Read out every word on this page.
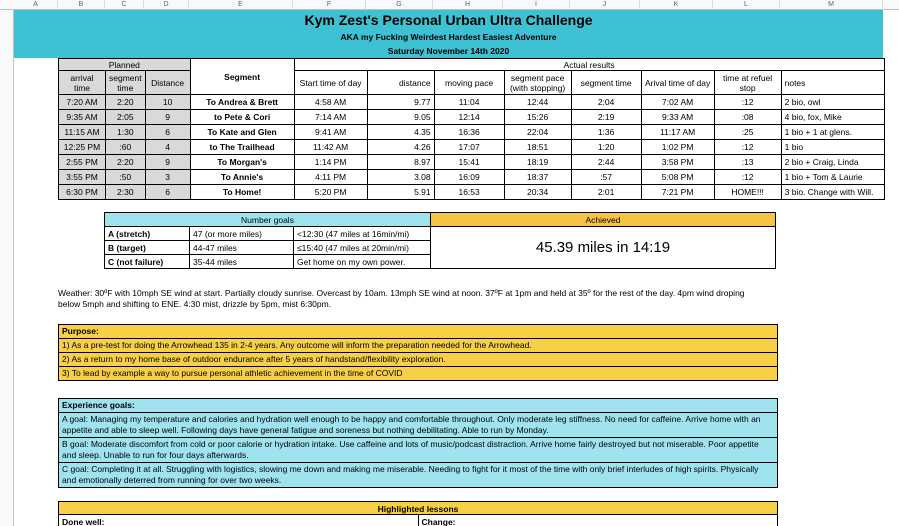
A	B	C	D	E	F	G	H	I	J	K	L	M
Kym Zest's Personal Urban Ultra Challenge
AKA my Fucking Weirdest Hardest Easiest Adventure
Saturday November 14th 2020
Planned			Segment	Actual results							
arrival time	segment time	Distance		Start time of day	distance	moving pace	segment pace (with stopping)	segment time	Arival time of day	time at refuel stop	notes
7:20 AM	2:20	10	To Andrea & Brett	4:58 AM	9.77	11:04	12:44	2:04	7:02 AM	:12	2 bio, owl
9:35 AM	2:05	9	to Pete & Cori	7:14 AM	9.05	12:14	15:26	2:19	9:33 AM	:08	4 bio, fox, Mike
11:15 AM	1:30	6	To Kate and Glen	9:41 AM	4.35	16:36	22:04	1:36	11:17 AM	:25	1 bio + 1 at glens.
12:25 PM	:60	4	to The Trailhead	11:42 AM	4.26	17:07	18:51	1:20	1:02 PM	:12	1 bio
2:55 PM	2:20	9	To Morgan's	1:14 PM	8.97	15:41	18:19	2:44	3:58 PM	:13	2 bio + Craig, Linda
3:55 PM	:50	3	To Annie's	4:11 PM	3.08	16:09	18:37	:57	5:08 PM	:12	1 bio + Tom & Laurie
6:30 PM	2:30	6	To Home!	5:20 PM	5.91	16:53	20:34	2:01	7:21 PM	HOME!!!	3 bio. Change with Will.
Number goals			Achieved
A (stretch)	47 (or more miles)	<12:30 (47 miles at 16min/mi)	45.39 miles in 14:19
B (target)	44-47 miles	≤15:40 (47 miles at 20min/mi)	
C (not failure)	35-44 miles	Get home on my own power.	
Weather: 30ºF with 10mph SE wind at start. Partially cloudy sunrise. Overcast by 10am. 13mph SE wind at noon. 37ºF at 1pm and held at 35º for the rest of the day. 4pm wind droping below 5mph and shifting to ENE. 4:30 mist, drizzle by 5pm, mist 6:30pm.
Purpose:
1) As a pre-test for doing the Arrowhead 135 in 2-4 years. Any outcome will inform the preparation needed for the Arrowhead.
2) As a return to my home base of outdoor endurance after 5 years of handstand/flexibility exploration.
3) To lead by example a way to pursue personal athletic achievement in the time of COVID
Experience goals:
A goal: Managing my temperature and calories and hydration well enough to be happy and comfortable throughout. Only moderate leg stiffness. No need for caffeine. Arrive home with an appetite and able to sleep well. Following days have general fatigue and soreness but nothing debilitating. Able to run by Monday.
B goal: Moderate discomfort from cold or poor calorie or hydration intake. Use caffeine and lots of music/podcast distraction. Arrive home fairly destroyed but not miserable. Poor appetite and sleep. Unable to run for four days afterwards.
C goal: Completing it at all. Struggling with logistics, slowing me down and making me miserable. Needing to fight for it most of the time with only brief interludes of high spirits. Physically and emotionally deterred from running for over two weeks.
Highlighted lessons
Done well:	Change:
